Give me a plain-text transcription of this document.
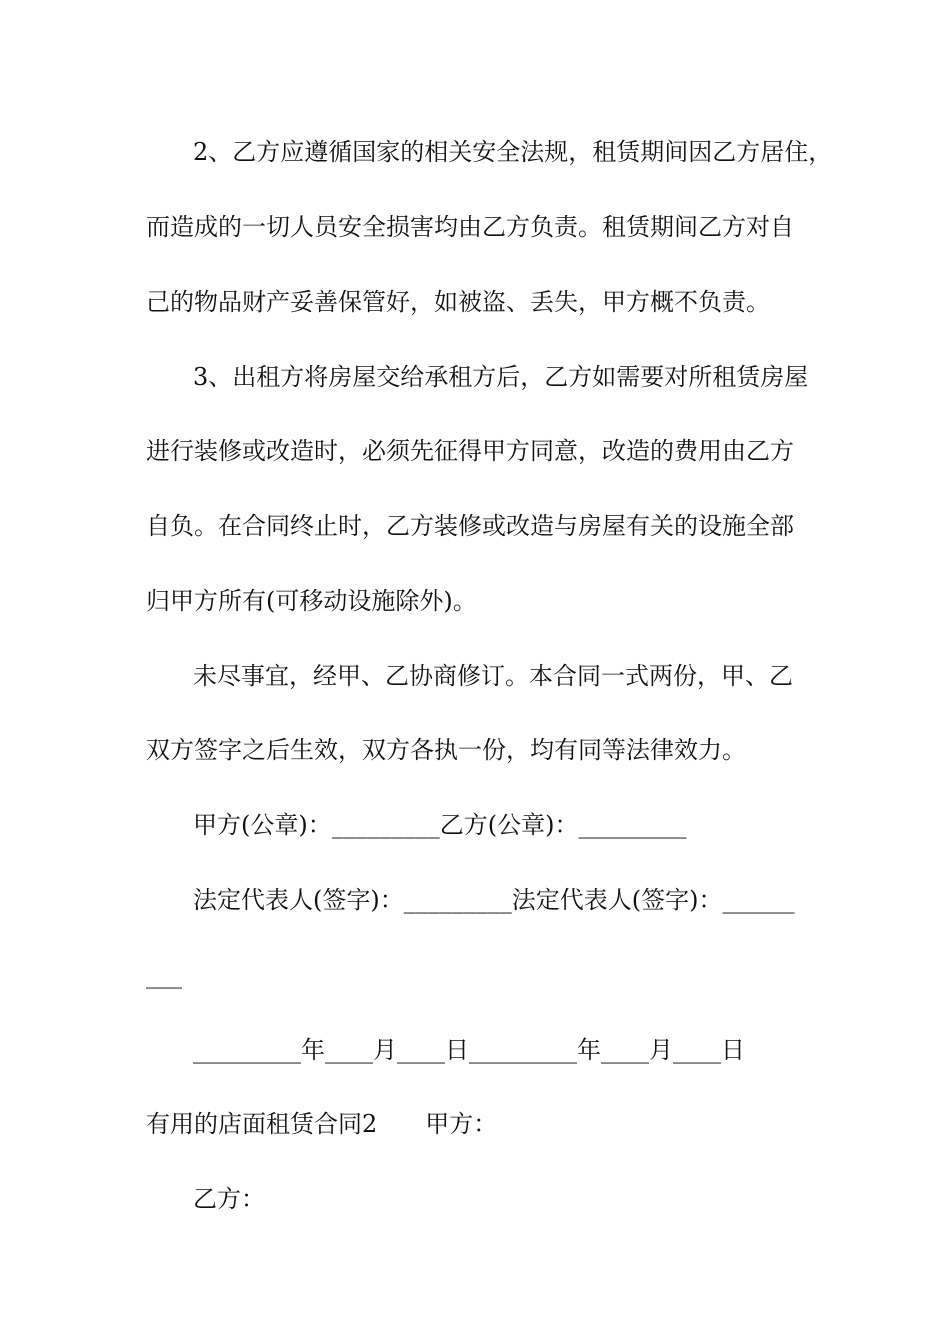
2、乙方应遵循国家的相关安全法规，租赁期间因乙方居住，

而造成的一切人员安全损害均由乙方负责。租赁期间乙方对自

己的物品财产妥善保管好，如被盗、丢失，甲方概不负责。

3、出租方将房屋交给承租方后，乙方如需要对所租赁房屋

进行装修或改造时，必须先征得甲方同意，改造的费用由乙方

自负。在合同终止时，乙方装修或改造与房屋有关的设施全部

归甲方所有(可移动设施除外)。

未尽事宜，经甲、乙协商修订。本合同一式两份，甲、乙

双方签字之后生效，双方各执一份，均有同等法律效力。

甲方(公章)：_________乙方(公章)：_________

法定代表人(签字)：_________法定代表人(签字)：______

___

_________年____月____日_________年____月____日

有用的店面租赁合同2　　甲方：

乙方：
